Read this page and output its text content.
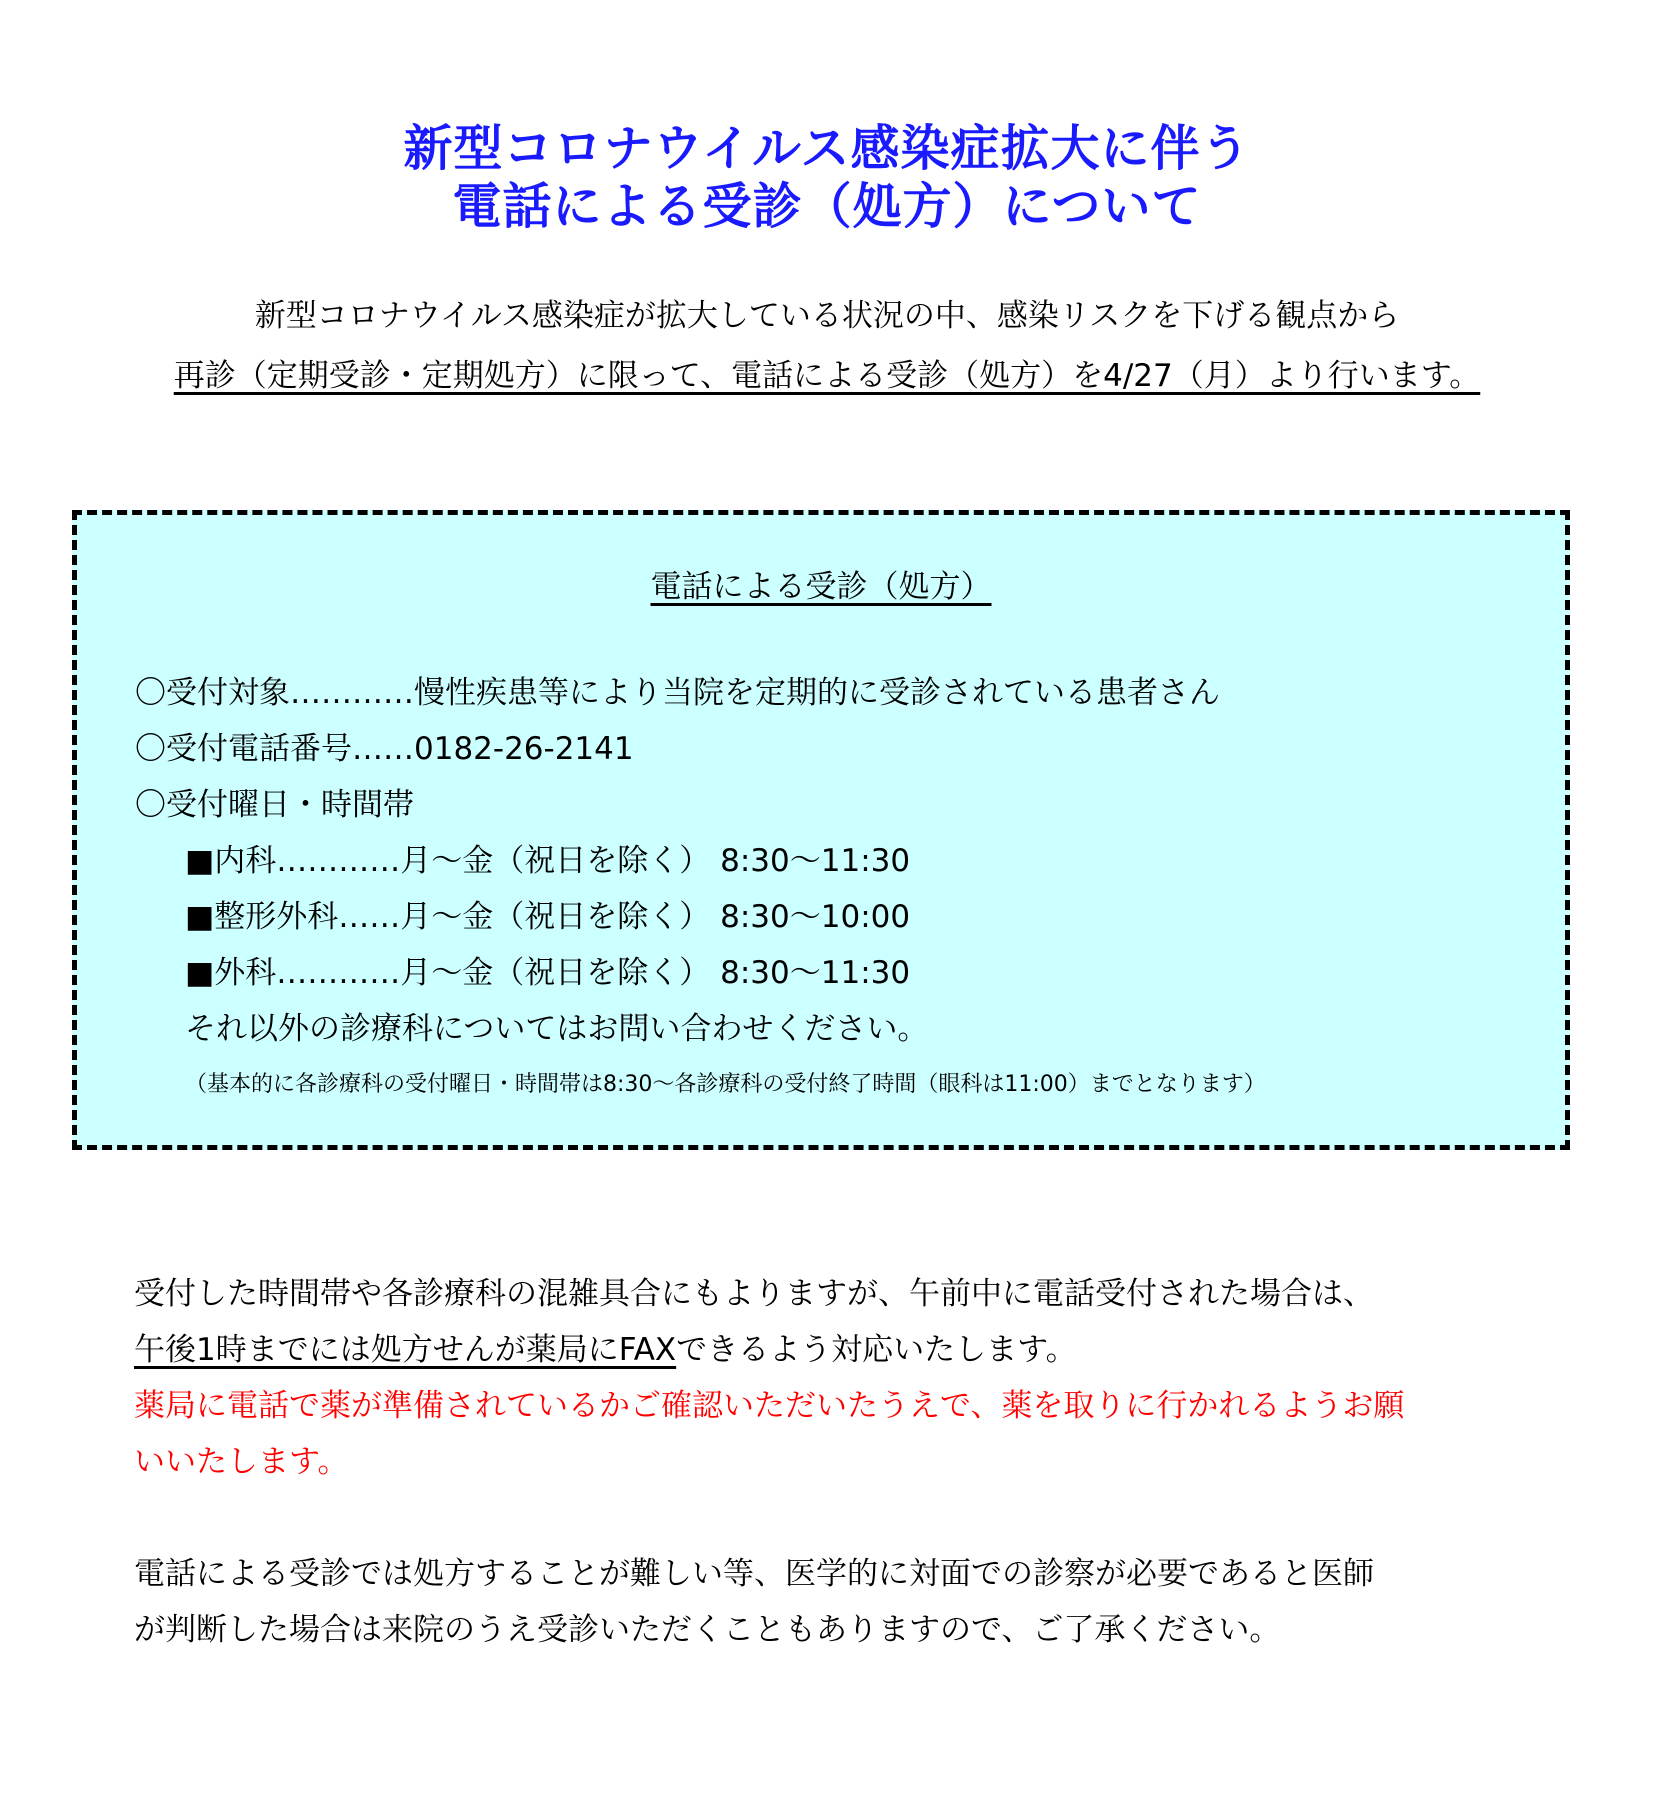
新型コロナウイルス感染症拡大に伴う
電話による受診（処方）について
新型コロナウイルス感染症が拡大している状況の中、感染リスクを下げる観点から
再診（定期受診・定期処方）に限って、電話による受診（処方）を4/27（月）より行います。
電話による受診（処方）
〇受付対象…………慢性疾患等により当院を定期的に受診されている患者さん
〇受付電話番号……0182-26-2141
〇受付曜日・時間帯
■内科…………月～金（祝日を除く） 8:30～11:30
■整形外科……月～金（祝日を除く） 8:30～10:00
■外科…………月～金（祝日を除く） 8:30～11:30
それ以外の診療科についてはお問い合わせください。
（基本的に各診療科の受付曜日・時間帯は8:30～各診療科の受付終了時間（眼科は11:00）までとなります）
受付した時間帯や各診療科の混雑具合にもよりますが、午前中に電話受付された場合は、
午後1時までには処方せんが薬局にFAXできるよう対応いたします。
薬局に電話で薬が準備されているかご確認いただいたうえで、薬を取りに行かれるようお願
いいたします。
電話による受診では処方することが難しい等、医学的に対面での診察が必要であると医師
が判断した場合は来院のうえ受診いただくこともありますので、ご了承ください。
